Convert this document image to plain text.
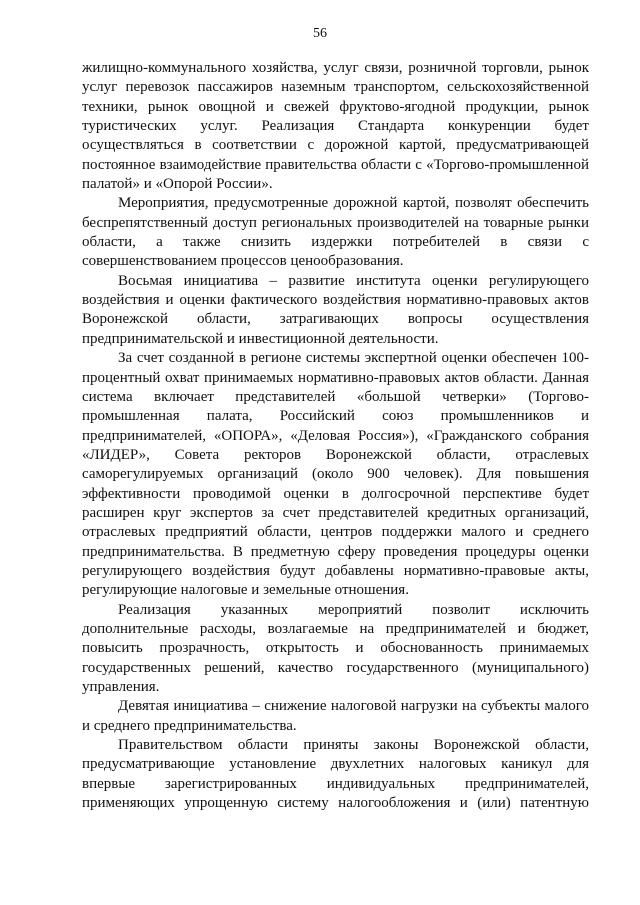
56
жилищно-коммунального хозяйства, услуг связи, розничной торговли, рынок
услуг перевозок пассажиров наземным транспортом, сельскохозяйственной
техники, рынок овощной и свежей фруктово-ягодной продукции, рынок
туристических услуг. Реализация Стандарта конкуренции будет
осуществляться в соответствии с дорожной картой, предусматривающей
постоянное взаимодействие правительства области с «Торгово-промышленной
палатой» и «Опорой России».
Мероприятия, предусмотренные дорожной картой, позволят обеспечить
беспрепятственный доступ региональных производителей на товарные рынки
области, а также снизить издержки потребителей в связи с
совершенствованием процессов ценообразования.
Восьмая инициатива – развитие института оценки регулирующего
воздействия и оценки фактического воздействия нормативно-правовых актов
Воронежской области, затрагивающих вопросы осуществления
предпринимательской и инвестиционной деятельности.
За счет созданной в регионе системы экспертной оценки обеспечен 100-
процентный охват принимаемых нормативно-правовых актов области. Данная
система включает представителей «большой четверки» (Торгово-
промышленная палата, Российский союз промышленников и
предпринимателей, «ОПОРА», «Деловая Россия»), «Гражданского собрания
«ЛИДЕР», Совета ректоров Воронежской области, отраслевых
саморегулируемых организаций (около 900 человек). Для повышения
эффективности проводимой оценки в долгосрочной перспективе будет
расширен круг экспертов за счет представителей кредитных организаций,
отраслевых предприятий области, центров поддержки малого и среднего
предпринимательства. В предметную сферу проведения процедуры оценки
регулирующего воздействия будут добавлены нормативно-правовые акты,
регулирующие налоговые и земельные отношения.
Реализация указанных мероприятий позволит исключить
дополнительные расходы, возлагаемые на предпринимателей и бюджет,
повысить прозрачность, открытость и обоснованность принимаемых
государственных решений, качество государственного (муниципального)
управления.
Девятая инициатива – снижение налоговой нагрузки на субъекты малого
и среднего предпринимательства.
Правительством области приняты законы Воронежской области,
предусматривающие установление двухлетних налоговых каникул для
впервые зарегистрированных индивидуальных предпринимателей,
применяющих упрощенную систему налогообложения и (или) патентную
